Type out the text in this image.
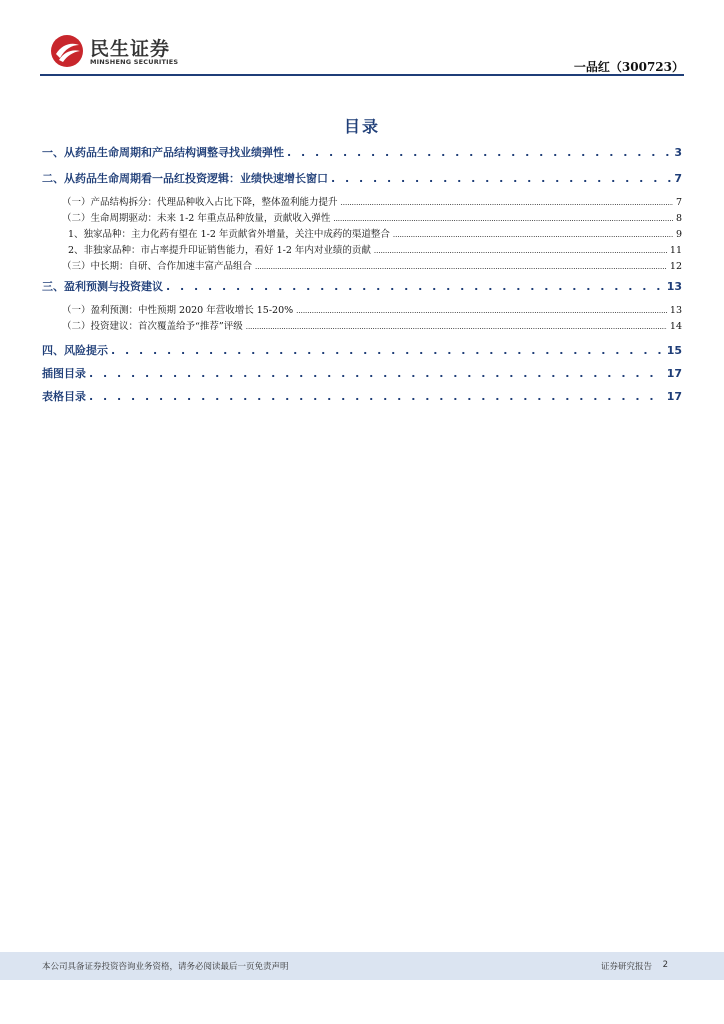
民生证券
MINSHENG SECURITIES	一品红（300723）
目录
一、从药品生命周期和产品结构调整寻找业绩弹性 . . .	3
二、从药品生命周期看一品红投资逻辑：业绩快速增长窗口 . . .	7
（一）产品结构拆分：代理品种收入占比下降，整体盈利能力提升 .....	7
（二）生命周期驱动：未来 1-2 年重点品种放量，贡献收入弹性 .....	8
1、独家品种：主力化药有望在 1-2 年贡献省外增量，关注中成药的渠道整合 .....	9
2、非独家品种：市占率提升印证销售能力，看好 1-2 年内对业绩的贡献 .....	11
（三）中长期：自研、合作加速丰富产品组合 .....	12
三、盈利预测与投资建议 . . .	13
（一）盈利预测：中性预期 2020 年营收增长 15-20% .....	13
（二）投资建议：首次覆盖给予“推荐”评级 .....	14
四、风险提示 . . .	15
插图目录 . . .	17
表格目录 . . .	17
本公司具备证券投资咨询业务资格，请务必阅读最后一页免责声明	证券研究报告 2
